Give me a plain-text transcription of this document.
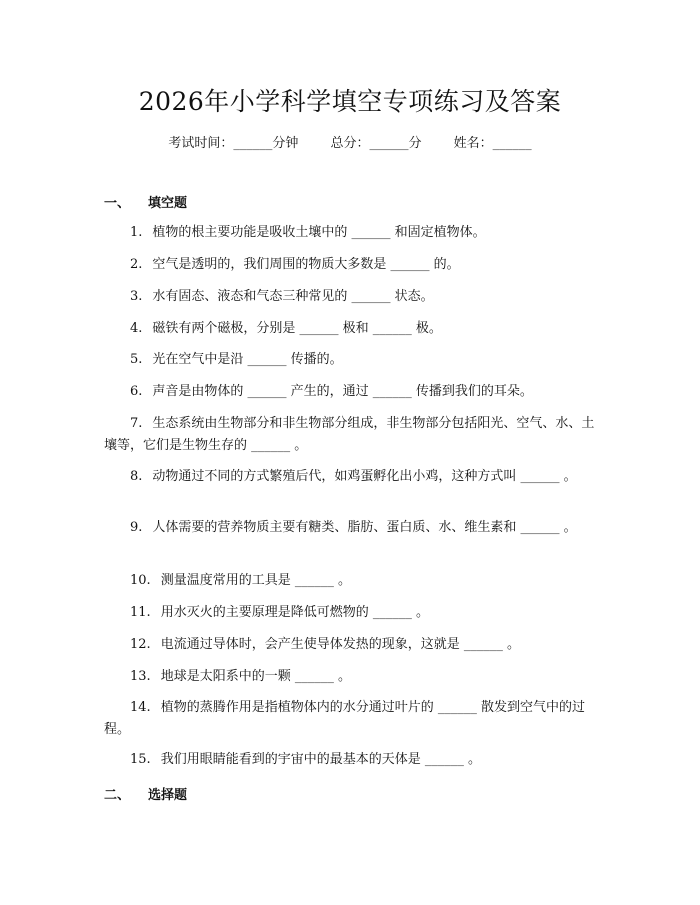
2026年小学科学填空专项练习及答案
考试时间：______分钟 总分：______分 姓名：______
一、 填空题
1. 植物的根主要功能是吸收土壤中的 ______ 和固定植物体。
2. 空气是透明的，我们周围的物质大多数是 ______ 的。
3. 水有固态、液态和气态三种常见的 ______ 状态。
4. 磁铁有两个磁极，分别是 ______ 极和 ______ 极。
5. 光在空气中是沿 ______ 传播的。
6. 声音是由物体的 ______ 产生的，通过 ______ 传播到我们的耳朵。
7. 生态系统由生物部分和非生物部分组成，非生物部分包括阳光、空气、水、土壤等，它们是生物生存的 ______ 。
8. 动物通过不同的方式繁殖后代，如鸡蛋孵化出小鸡，这种方式叫 ______ 。
9. 人体需要的营养物质主要有糖类、脂肪、蛋白质、水、维生素和 ______ 。
10. 测量温度常用的工具是 ______ 。
11. 用水灭火的主要原理是降低可燃物的 ______ 。
12. 电流通过导体时，会产生使导体发热的现象，这就是 ______ 。
13. 地球是太阳系中的一颗 ______ 。
14. 植物的蒸腾作用是指植物体内的水分通过叶片的 ______ 散发到空气中的过程。
15. 我们用眼睛能看到的宇宙中的最基本的天体是 ______ 。
二、 选择题
